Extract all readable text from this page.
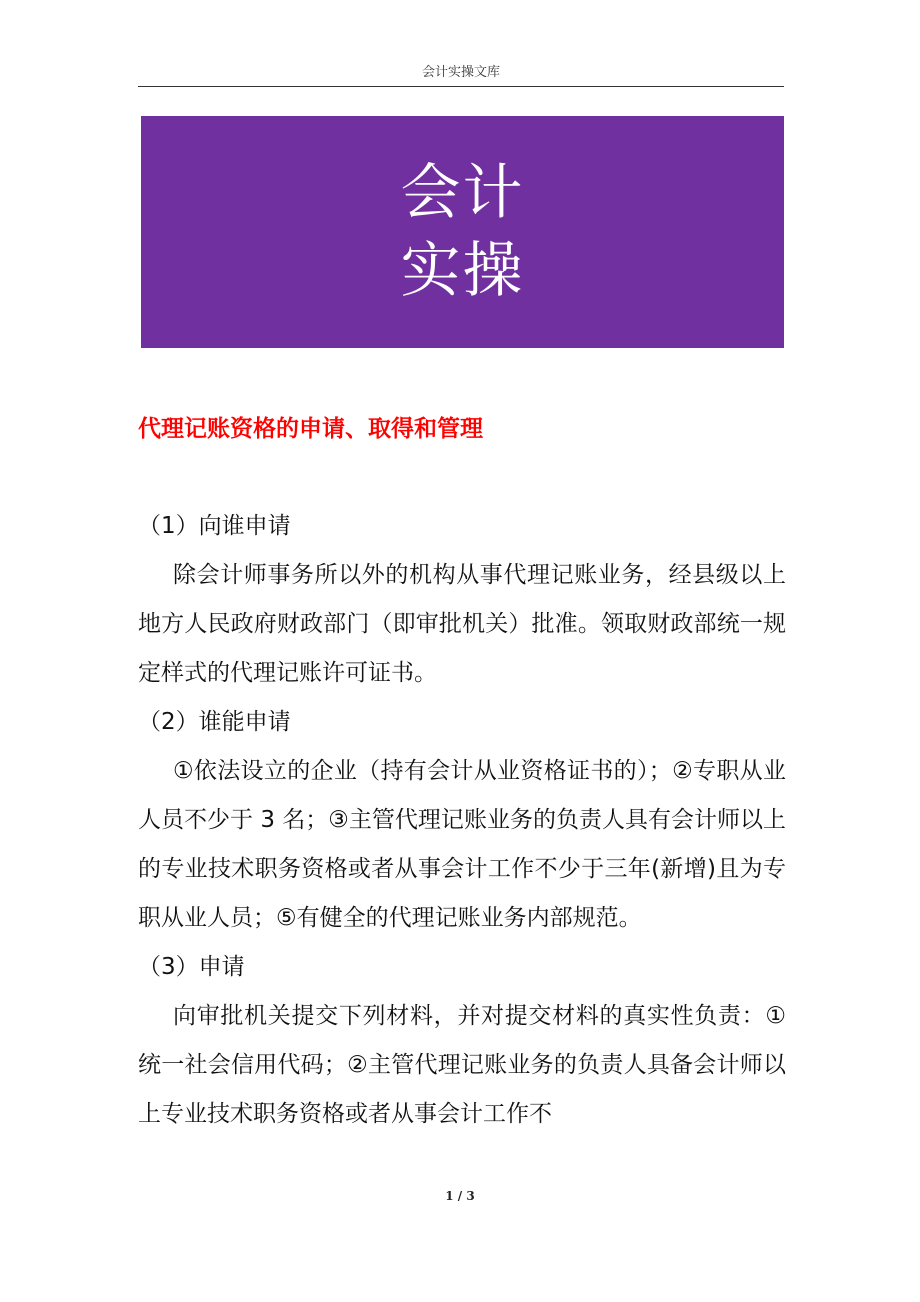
会计实操文库
会计
实操
代理记账资格的申请、取得和管理
（1）向谁申请

除会计师事务所以外的机构从事代理记账业务，经县级以上地方人民政府财政部门（即审批机关）批准。领取财政部统一规定样式的代理记账许可证书。

（2）谁能申请

①依法设立的企业（持有会计从业资格证书的）；②专职从业人员不少于 3 名；③主管代理记账业务的负责人具有会计师以上的专业技术职务资格或者从事会计工作不少于三年(新增)且为专职从业人员；⑤有健全的代理记账业务内部规范。

（3）申请

向审批机关提交下列材料，并对提交材料的真实性负责：①统一社会信用代码；②主管代理记账业务的负责人具备会计师以上专业技术职务资格或者从事会计工作不

1 / 3
